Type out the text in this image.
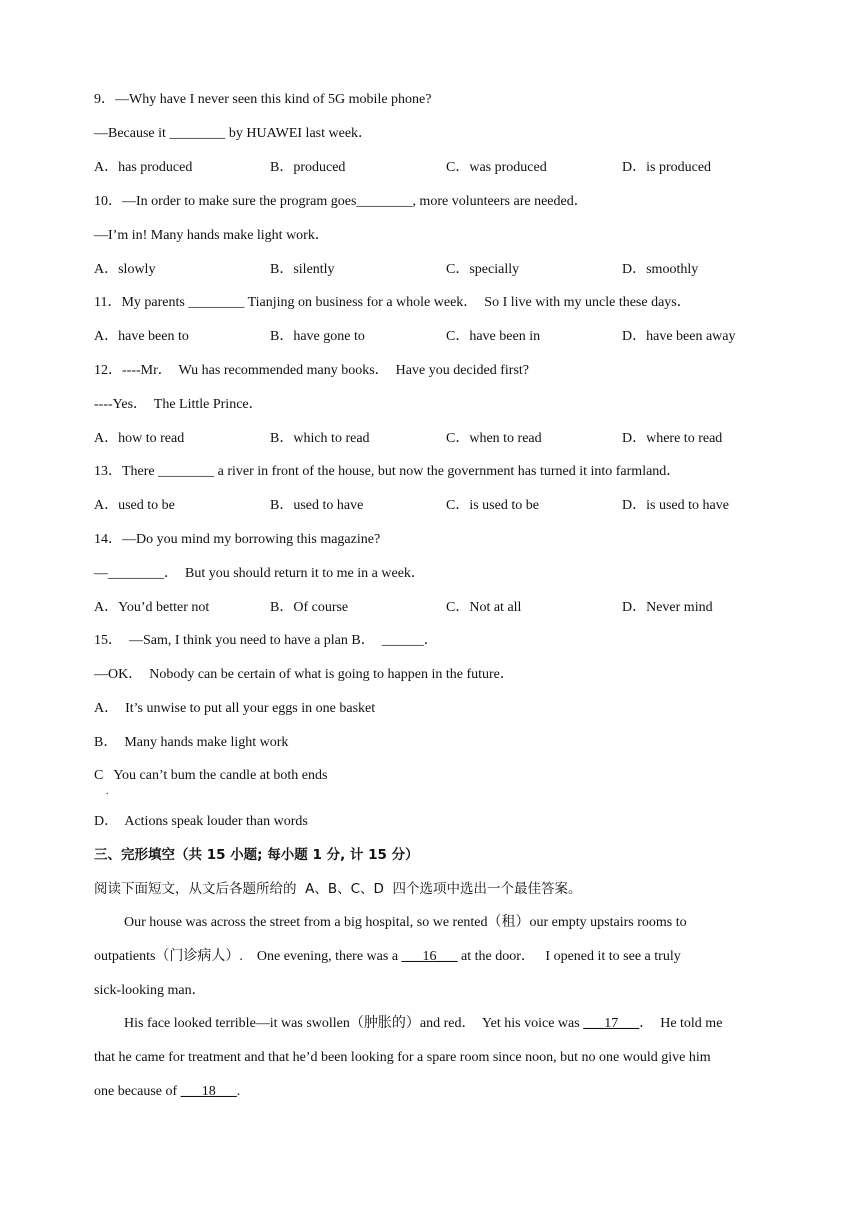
9．—Why have I never seen this kind of 5G mobile phone?
—Because it ________ by HUAWEI last week．
A．has produced	B．produced	C．was produced	D．is produced
10．—In order to make sure the program goes________, more volunteers are needed．
—I’m in! Many hands make light work．
A．slowly	B．silently	C．specially	D．smoothly
11．My parents ________ Tianjing on business for a whole week．  So I live with my uncle these days．
A．have been to	B．have gone to	C．have been in	D．have been away
12．----Mr．  Wu has recommended many books．  Have you decided first?
----Yes．  The Little Prince．
A．how to read	B．which to read	C．when to read	D．where to read
13．There ________ a river in front of the house, but now the government has turned it into farmland．
A．used to be	B．used to have	C．is used to be	D．is used to have
14．—Do you mind my borrowing this magazine?
—________．  But you should return it to me in a week．
A．You’d better not	B．Of course	C．Not at all	D．Never mind
15．  —Sam, I think you need to have a plan B．  ______．
—OK．  Nobody can be certain of what is going to happen in the future．
A．  It’s unwise to put all your eggs in one basket
B．  Many hands make light work
C   You can’t bum the candle at both ends
.
D．  Actions speak louder than words
三、完形填空（共 15 小题; 每小题 1 分, 计 15 分）
阅读下面短文，从文后各题所给的  A、B、C、D  四个选项中选出一个最佳答案。
Our house was across the street from a big hospital, so we rented（租）our empty upstairs rooms to
outpatients（门诊病人）.    One evening, there was a ___16___ at the door．   I opened it to see a truly
sick-looking man．
His face looked terrible—it was swollen（肿胀的）and red．  Yet his voice was ___17___．  He told me
that he came for treatment and that he’d been looking for a spare room since noon, but no one would give him
one because of ___18___.
